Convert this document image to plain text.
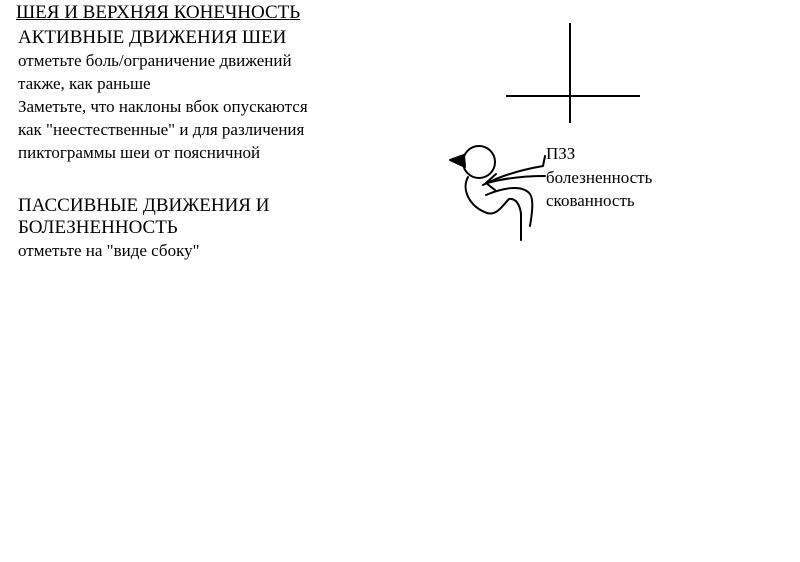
ШЕЯ И ВЕРХНЯЯ КОНЕЧНОСТЬ
АКТИВНЫЕ ДВИЖЕНИЯ ШЕИ
отметьте боль/ограничение движений
также, как раньше
Заметьте, что наклоны вбок опускаются
как "неестественные" и для различения
пиктограммы шеи от поясничной
ПАССИВНЫЕ ДВИЖЕНИЯ И
БОЛЕЗНЕННОСТЬ
отметьте на "виде сбоку"
ПЗЗ
болезненность
скованность
